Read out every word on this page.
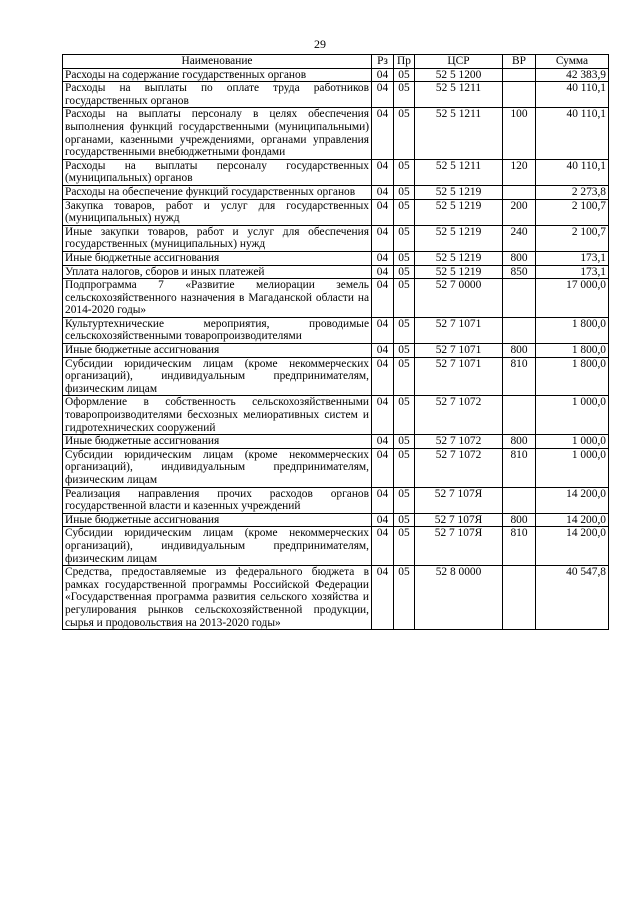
29
Наименование	Рз	Пр	ЦСР	ВР	Сумма
Расходы на содержание государственных органов	04	05	52 5 1200		42 383,9
Расходы на выплаты по оплате труда работников государственных органов	04	05	52 5 1211		40 110,1
Расходы на выплаты персоналу в целях обеспечения выполнения функций государственными (муниципальными) органами, казенными учреждениями, органами управления государственными внебюджетными фондами	04	05	52 5 1211	100	40 110,1
Расходы на выплаты персоналу государственных (муниципальных) органов	04	05	52 5 1211	120	40 110,1
Расходы на обеспечение функций государственных органов	04	05	52 5 1219		2 273,8
Закупка товаров, работ и услуг для государственных (муниципальных) нужд	04	05	52 5 1219	200	2 100,7
Иные закупки товаров, работ и услуг для обеспечения государственных (муниципальных) нужд	04	05	52 5 1219	240	2 100,7
Иные бюджетные ассигнования	04	05	52 5 1219	800	173,1
Уплата налогов, сборов и иных платежей	04	05	52 5 1219	850	173,1
Подпрограмма 7 «Развитие мелиорации земель сельскохозяйственного назначения в Магаданской области на 2014-2020 годы»	04	05	52 7 0000		17 000,0
Культуртехнические мероприятия, проводимые сельскохозяйственными товаропроизводителями	04	05	52 7 1071		1 800,0
Иные бюджетные ассигнования	04	05	52 7 1071	800	1 800,0
Субсидии юридическим лицам (кроме некоммерческих организаций), индивидуальным предпринимателям, физическим лицам	04	05	52 7 1071	810	1 800,0
Оформление в собственность сельскохозяйственными товаропроизводителями бесхозных мелиоративных систем и гидротехнических сооружений	04	05	52 7 1072		1 000,0
Иные бюджетные ассигнования	04	05	52 7 1072	800	1 000,0
Субсидии юридическим лицам (кроме некоммерческих организаций), индивидуальным предпринимателям, физическим лицам	04	05	52 7 1072	810	1 000,0
Реализация направления прочих расходов органов государственной власти и казенных учреждений	04	05	52 7 107Я		14 200,0
Иные бюджетные ассигнования	04	05	52 7 107Я	800	14 200,0
Субсидии юридическим лицам (кроме некоммерческих организаций), индивидуальным предпринимателям, физическим лицам	04	05	52 7 107Я	810	14 200,0
Средства, предоставляемые из федерального бюджета в рамках государственной программы Российской Федерации «Государственная программа развития сельского хозяйства и регулирования рынков сельскохозяйственной продукции, сырья и продовольствия на 2013-2020 годы»	04	05	52 8 0000		40 547,8
